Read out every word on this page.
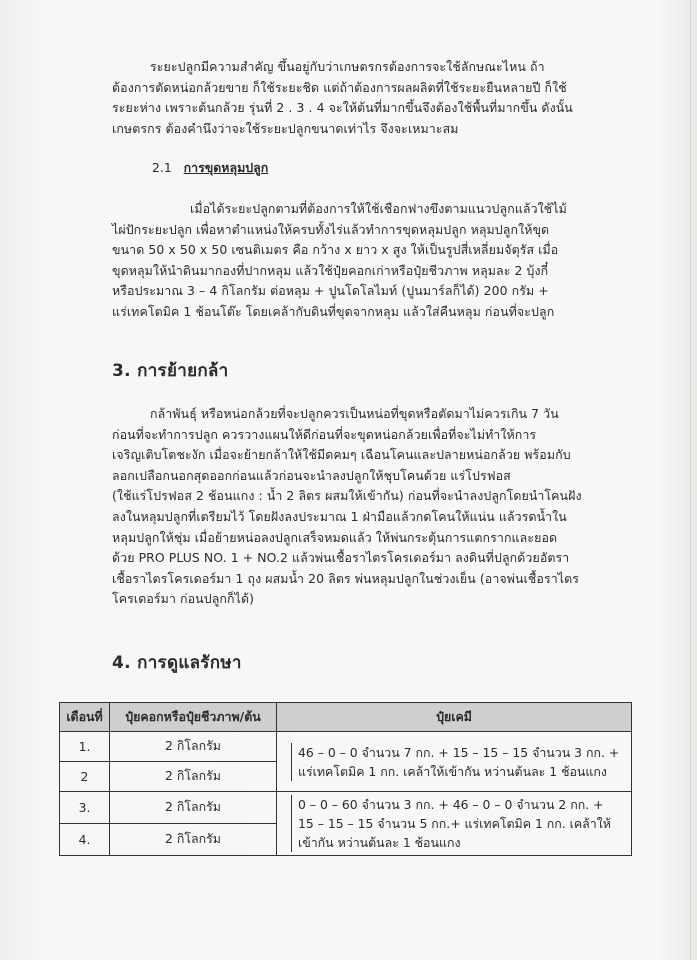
ระยะปลูกมีความสำคัญ ขึ้นอยู่กับว่าเกษตรกรต้องการจะใช้ลักษณะไหน ถ้า
ต้องการตัดหน่อกล้วยขาย ก็ใช้ระยะชิด แต่ถ้าต้องการผลผลิตที่ใช้ระยะยืนหลายปี ก็ใช้
ระยะห่าง เพราะต้นกล้วย รุ่นที่ 2 . 3 . 4 จะให้ต้นที่มากขึ้นจึงต้องใช้พื้นที่มากขึ้น ดังนั้น
เกษตรกร ต้องคำนึงว่าจะใช้ระยะปลูกขนาดเท่าไร จึงจะเหมาะสม

2.1 การขุดหลุมปลูก

เมื่อได้ระยะปลูกตามที่ต้องการให้ใช้เชือกฟางขึงตามแนวปลูกแล้วใช้ไม้
ไผ่ปักระยะปลูก เพื่อหาตำแหน่งให้ครบทั้งไร่แล้วทำการขุดหลุมปลูก หลุมปลูกให้ขุด
ขนาด 50 x 50 x 50 เซนติเมตร คือ กว้าง x ยาว x สูง ให้เป็นรูปสี่เหลี่ยมจัตุรัส เมื่อ
ขุดหลุมให้นำดินมากองที่ปากหลุม แล้วใช้ปุ๋ยคอกเก่าหรือปุ๋ยชีวภาพ หลุมละ 2 บุ้งกี๋
หรือประมาณ 3 – 4 กิโลกรัม ต่อหลุม + ปูนโดโลไมท์ (ปูนมาร์ลก็ได้) 200 กรัม +
แร่เทคโตมิค 1 ช้อนโต๊ะ โดยเคล้ากับดินที่ขุดจากหลุม แล้วใส่คืนหลุม ก่อนที่จะปลูก
3. การย้ายกล้า
กล้าพันธุ์ หรือหน่อกล้วยที่จะปลูกควรเป็นหน่อที่ขุดหรือตัดมาไม่ควรเกิน 7 วัน
ก่อนที่จะทำการปลูก ควรวางแผนให้ดีก่อนที่จะขุดหน่อกล้วยเพื่อที่จะไม่ทำให้การ
เจริญเติบโตชะงัก เมื่อจะย้ายกล้าให้ใช้มีดคมๆ เฉือนโคนและปลายหน่อกล้วย พร้อมกับ
ลอกเปลือกนอกสุดออกก่อนแล้วก่อนจะนำลงปลูกให้ชุบโคนด้วย แร่โปรฟอส
(ใช้แร่โปรฟอส 2 ช้อนแกง : น้ำ 2 ลิตร ผสมให้เข้ากัน) ก่อนที่จะนำลงปลูกโดยนำโคนฝัง
ลงในหลุมปลูกที่เตรียมไว้ โดยฝังลงประมาณ 1 ฝ่ามือแล้วกดโคนให้แน่น แล้วรดน้ำใน
หลุมปลูกให้ชุ่ม เมื่อย้ายหน่อลงปลูกเสร็จหมดแล้ว ให้พ่นกระตุ้นการแตกรากและยอด
ด้วย PRO PLUS NO. 1 + NO.2 แล้วพ่นเชื้อราไตรโครเดอร์มา ลงดินที่ปลูกด้วยอัตรา
เชื้อราไตรโครเดอร์มา 1 ถุง ผสมน้ำ 20 ลิตร พ่นหลุมปลูกในช่วงเย็น (อาจพ่นเชื้อราไตร
โครเดอร์มา ก่อนปลูกก็ได้)
4. การดูแลรักษา
เดือนที่	ปุ๋ยคอกหรือปุ๋ยชีวภาพ/ต้น	ปุ๋ยเคมี
1.	2 กิโลกรัม	46 – 0 – 0 จำนวน 7 กก. + 15 – 15 – 15 จำนวน 3 กก. +
แร่เทคโตมิค 1 กก. เคล้าให้เข้ากัน หว่านต้นละ 1 ช้อนแกง

2	2 กิโลกรัม	
3.	2 กิโลกรัม	0 – 0 – 60 จำนวน 3 กก. + 46 – 0 – 0 จำนวน 2 กก. +
15 – 15 – 15 จำนวน 5 กก.+ แร่เทคโตมิค 1 กก. เคล้าให้
เข้ากัน หว่านต้นละ 1 ช้อนแกง

4.	2 กิโลกรัม	
